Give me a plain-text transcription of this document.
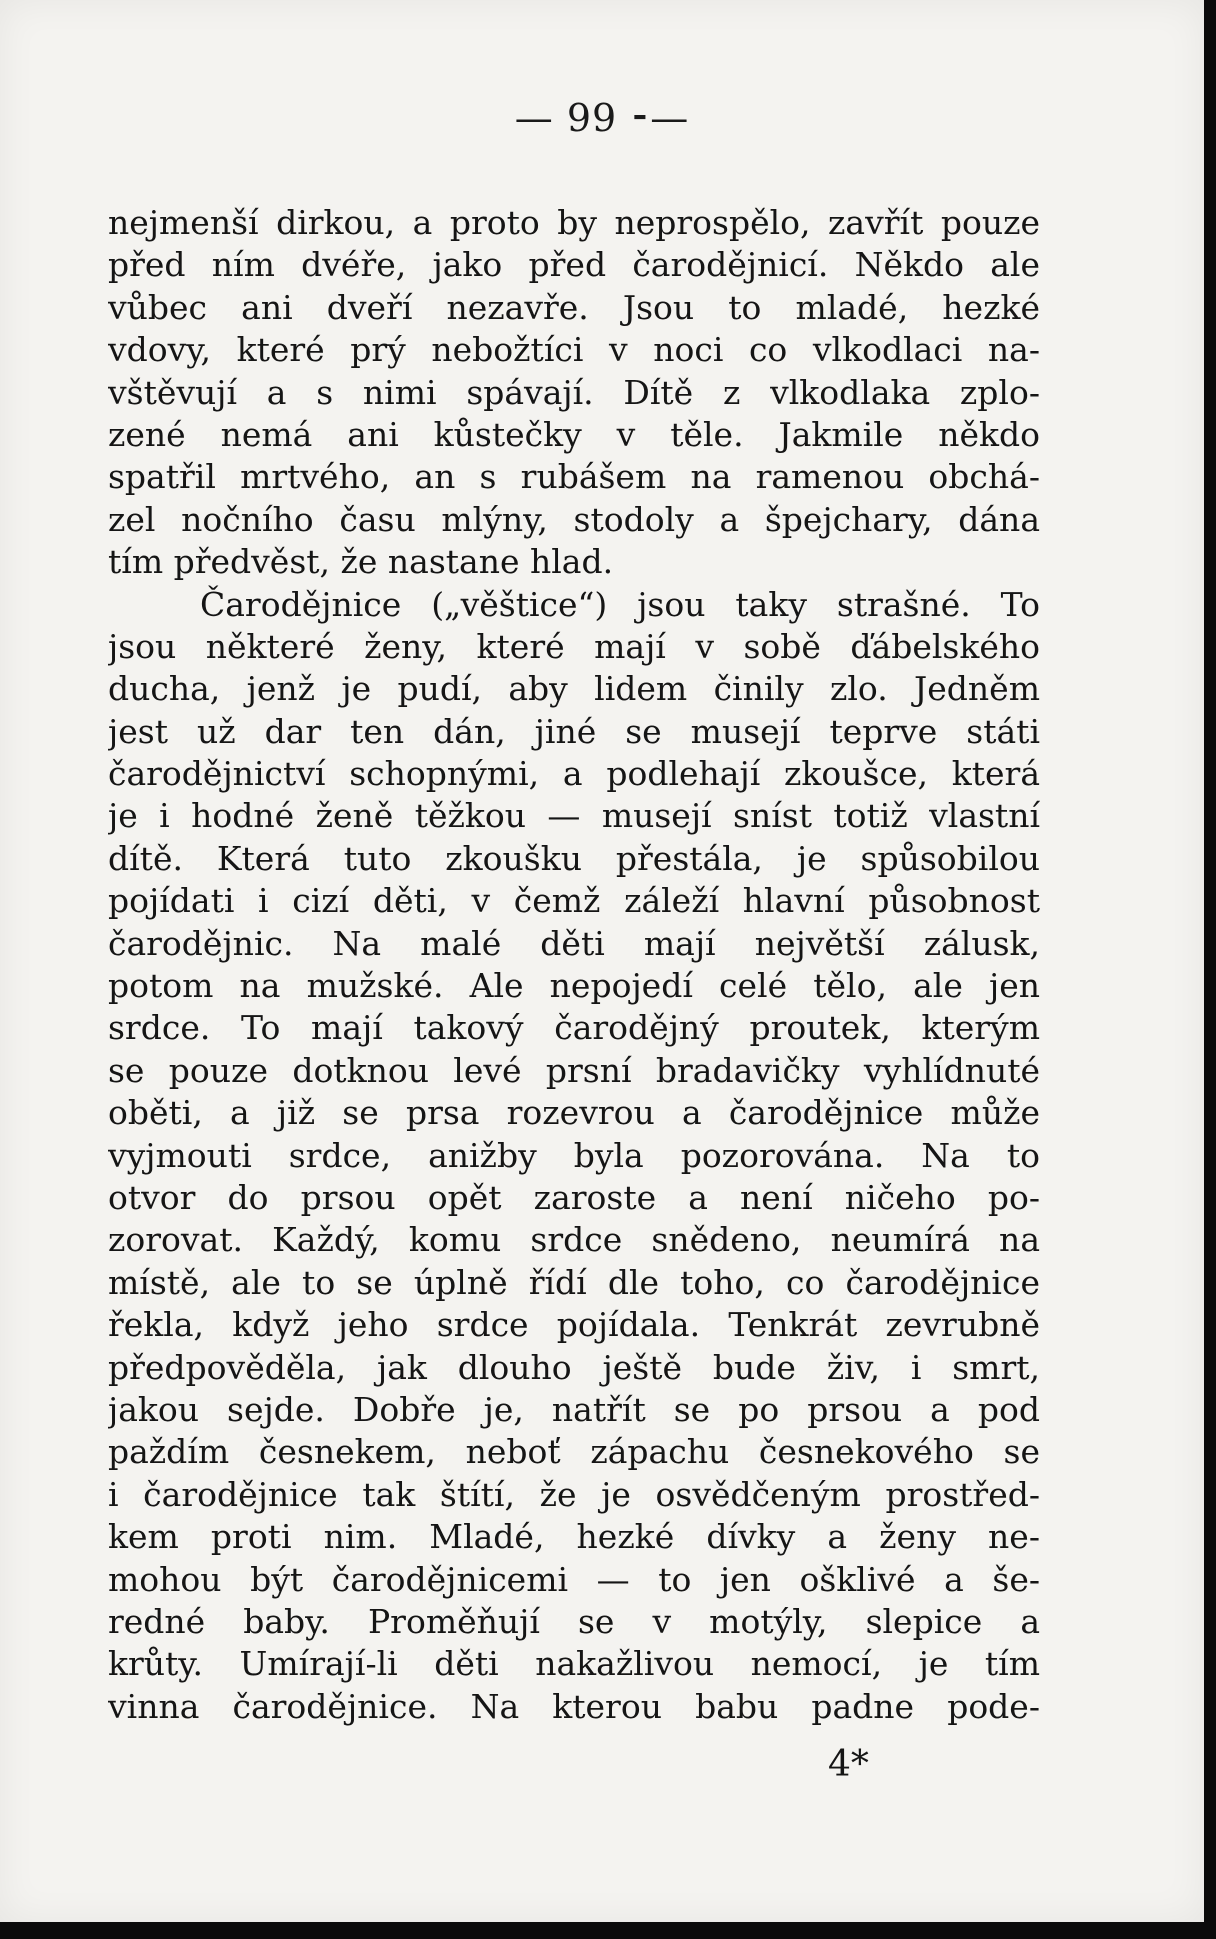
— 99 ⁃—
nejmenší dirkou, a proto by neprospělo, zavřít pouze
před ním dvéře, jako před čarodějnicí. Někdo ale
vůbec ani dveří nezavře. Jsou to mladé, hezké
vdovy, které prý nebožtíci v noci co vlkodlaci na-
vštěvují a s nimi spávají. Dítě z vlkodlaka zplo-
zené nemá ani kůstečky v těle. Jakmile někdo
spatřil mrtvého, an s rubášem na ramenou obchá-
zel nočního času mlýny, stodoly a špejchary, dána
tím předvěst, že nastane hlad.
Čarodějnice („věštice“) jsou taky strašné. To
jsou některé ženy, které mají v sobě ďábelského
ducha, jenž je pudí, aby lidem činily zlo. Jedněm
jest už dar ten dán, jiné se musejí teprve státi
čarodějnictví schopnými, a podlehají zkoušce, která
je i hodné ženě těžkou — musejí sníst totiž vlastní
dítě. Která tuto zkoušku přestála, je spůsobilou
pojídati i cizí děti, v čemž záleží hlavní působnost
čarodějnic. Na malé děti mají největší zálusk,
potom na mužské. Ale nepojedí celé tělo, ale jen
srdce. To mají takový čarodějný proutek, kterým
se pouze dotknou levé prsní bradavičky vyhlídnuté
oběti, a již se prsa rozevrou a čarodějnice může
vyjmouti srdce, anižby byla pozorována. Na to
otvor do prsou opět zaroste a není ničeho po-
zorovat. Každý, komu srdce snědeno, neumírá na
místě, ale to se úplně řídí dle toho, co čarodějnice
řekla, když jeho srdce pojídala. Tenkrát zevrubně
předpověděla, jak dlouho ještě bude živ, i smrt,
jakou sejde. Dobře je, natřít se po prsou a pod
paždím česnekem, neboť zápachu česnekového se
i čarodějnice tak štítí, že je osvědčeným prostřed-
kem proti nim. Mladé, hezké dívky a ženy ne-
mohou být čarodějnicemi — to jen ošklivé a še-
redné baby. Proměňují se v motýly, slepice a
krůty. Umírají-li děti nakažlivou nemocí, je tím
vinna čarodějnice. Na kterou babu padne pode-
4*
